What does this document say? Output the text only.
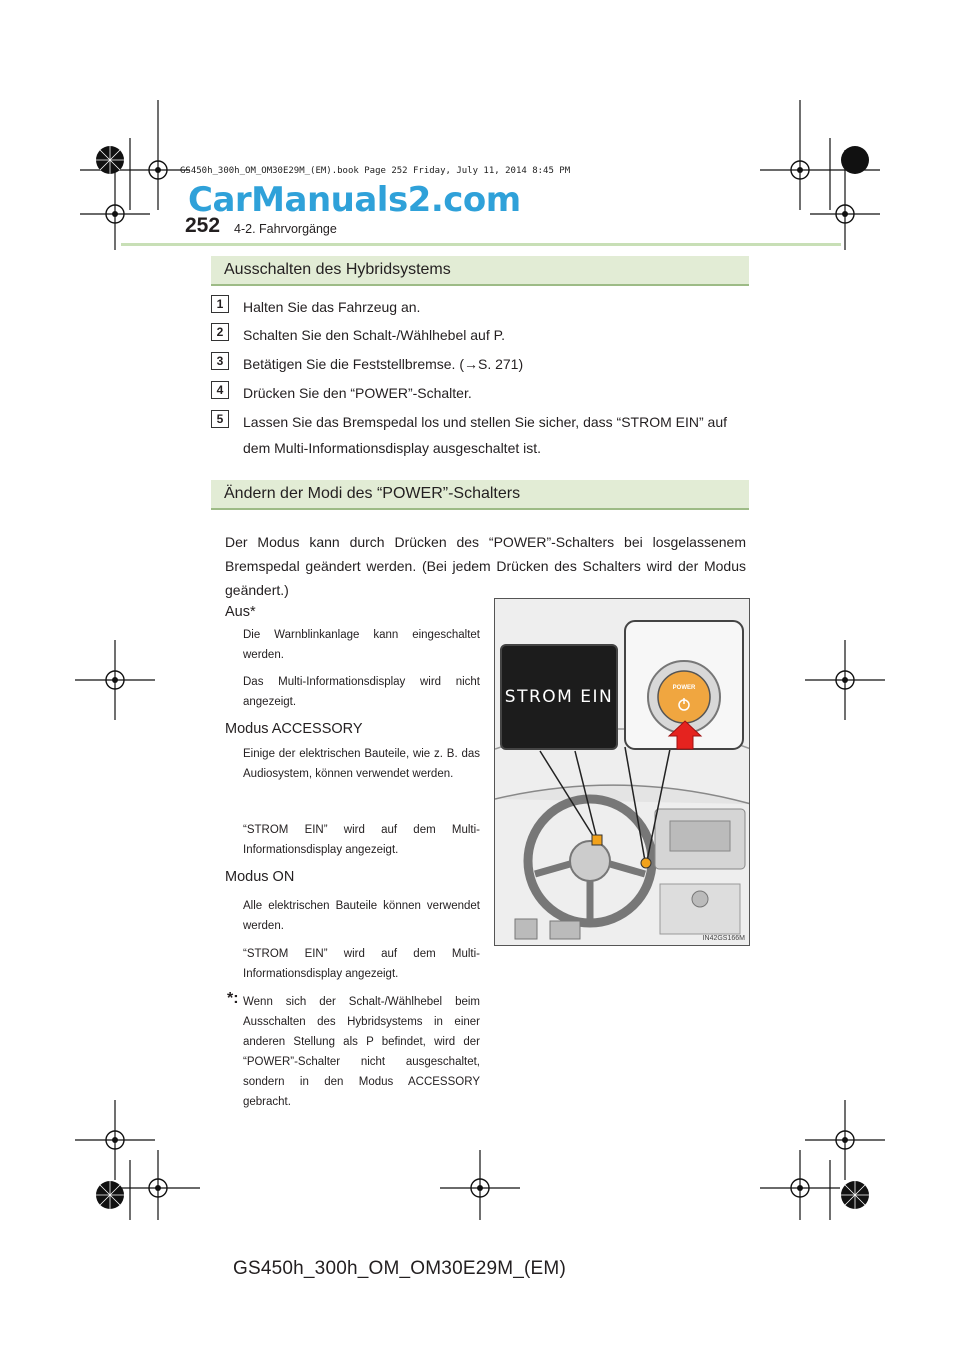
GS450h_300h_OM_OM30E29M_(EM).book Page 252 Friday, July 11, 2014 8:45 PM
CarManuals2.com
252 4-2. Fahrvorgänge
Ausschalten des Hybridsystems
1	Halten Sie das Fahrzeug an.
2	Schalten Sie den Schalt-/Wählhebel auf P.
3	Betätigen Sie die Feststellbremse. (→S. 271)
4	Drücken Sie den “POWER”-Schalter.
5	Lassen Sie das Bremspedal los und stellen Sie sicher, dass “STROM EIN” auf dem Multi-Informationsdisplay ausgeschaltet ist.
Ändern der Modi des “POWER”-Schalters
Der Modus kann durch Drücken des “POWER”-Schalters bei losgelassenem Bremspedal geändert werden. (Bei jedem Drücken des Schalters wird der Modus geändert.)
Aus*
Die Warnblinkanlage kann eingeschaltet werden.
Das Multi-Informationsdisplay wird nicht angezeigt.
Modus ACCESSORY
Einige der elektrischen Bauteile, wie z. B. das Audiosystem, können verwendet werden.
“STROM EIN” wird auf dem Multi-Informationsdisplay angezeigt.
Modus ON
Alle elektrischen Bauteile können verwendet werden.
“STROM EIN” wird auf dem Multi-Informationsdisplay angezeigt.
*: Wenn sich der Schalt-/Wählhebel beim Ausschalten des Hybridsystems in einer anderen Stellung als P befindet, wird der “POWER”-Schalter nicht ausgeschaltet, sondern in den Modus ACCESSORY gebracht.
STROM EIN	POWER
IN42GS166M
GS450h_300h_OM_OM30E29M_(EM)
